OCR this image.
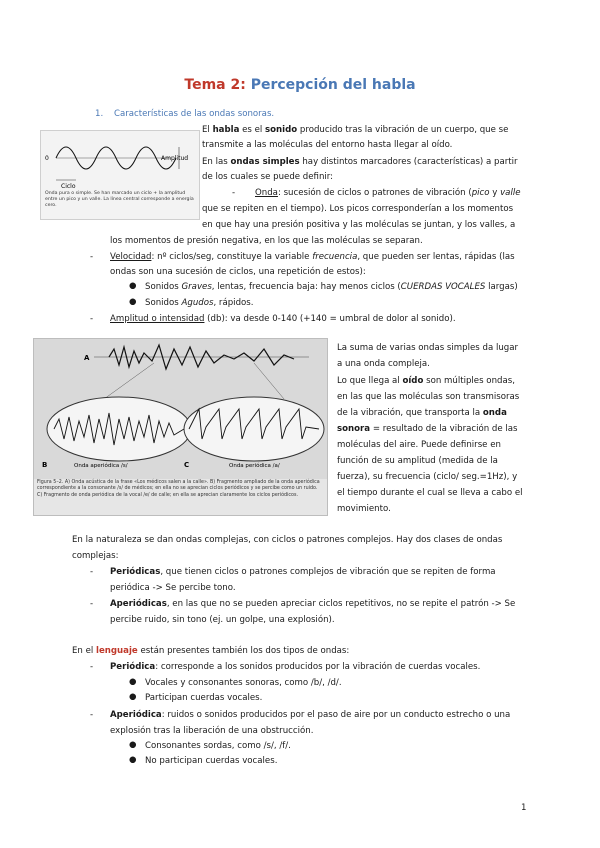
Tema 2: Percepción del habla
1. Características de las ondas sonoras.
0	Amplitud
Ciclo
Onda pura o simple. Se han marcado un ciclo + la amplitud entre un pico y un valle. La línea central corresponde a energía cero.
El habla es el sonido producido tras la vibración de un cuerpo, que se
transmite a las moléculas del entorno hasta llegar al oído.
En las ondas simples hay distintos marcadores (características) a partir
de los cuales se puede definir:
- Onda: sucesión de ciclos o patrones de vibración (pico y valle
que se repiten en el tiempo). Los picos corresponderían a los momentos
en que hay una presión positiva y las moléculas se juntan, y los valles, a
los momentos de presión negativa, en los que las moléculas se separan.
- Velocidad: nº ciclos/seg, constituye la variable frecuencia, que pueden ser lentas, rápidas (las
ondas son una sucesión de ciclos, una repetición de estos):
● Sonidos Graves, lentas, frecuencia baja: hay menos ciclos (CUERDAS VOCALES largas)
● Sonidos Agudos, rápidos.
- Amplitud o intensidad (db): va desde 0-140 (+140 = umbral de dolor al sonido).
A
B	Onda aperiódica /s/	C	Onda periódica /a/
Figura 5–2. A) Onda acústica de la frase «Los médicos salen a la calle». B) Fragmento ampliado de la onda aperiódica correspondiente a la consonante /s/ de médicos; en ella no se aprecian ciclos periódicos y se percibe como un ruido. C) Fragmento de onda periódica de la vocal /e/ de calle; en ella se aprecian claramente los ciclos periódicos.
La suma de varias ondas simples da lugar
a una onda compleja.
Lo que llega al oído son múltiples ondas,
en las que las moléculas son transmisoras
de la vibración, que transporta la onda
sonora = resultado de la vibración de las
moléculas del aire. Puede definirse en
función de su amplitud (medida de la
fuerza), su frecuencia (ciclo/ seg.=1Hz), y
el tiempo durante el cual se lleva a cabo el
movimiento.
En la naturaleza se dan ondas complejas, con ciclos o patrones complejos. Hay dos clases de ondas
complejas:
- Periódicas, que tienen ciclos o patrones complejos de vibración que se repiten de forma
periódica -> Se percibe tono.
- Aperiódicas, en las que no se pueden apreciar ciclos repetitivos, no se repite el patrón -> Se
percibe ruido, sin tono (ej. un golpe, una explosión).
En el lenguaje están presentes también los dos tipos de ondas:
- Periódica: corresponde a los sonidos producidos por la vibración de cuerdas vocales.
● Vocales y consonantes sonoras, como /b/, /d/.
● Participan cuerdas vocales.
- Aperiódica: ruidos o sonidos producidos por el paso de aire por un conducto estrecho o una
explosión tras la liberación de una obstrucción.
● Consonantes sordas, como /s/, /f/.
● No participan cuerdas vocales.
1
